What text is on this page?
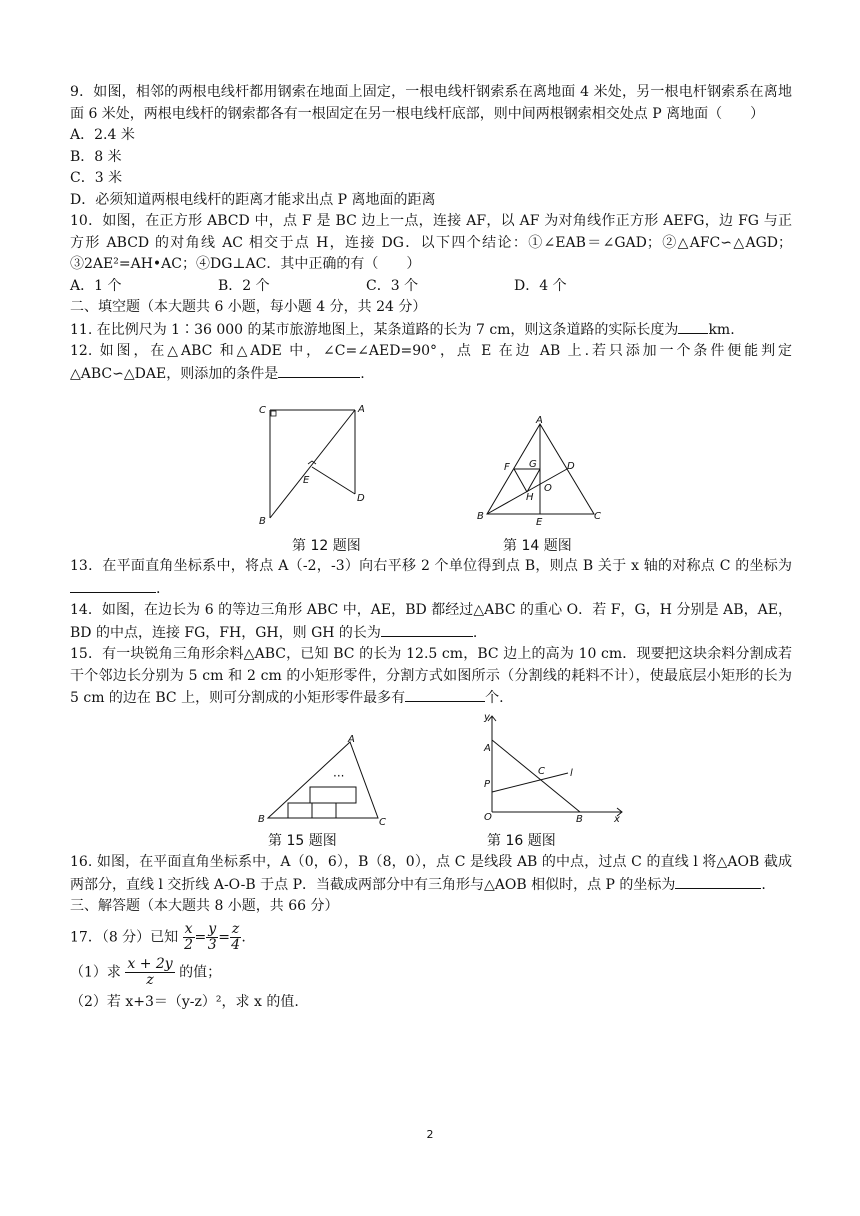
9．如图，相邻的两根电线杆都用钢索在地面上固定，一根电线杆钢索系在离地面 4 米处，另一根电杆钢索系在离地面 6 米处，两根电线杆的钢索都各有一根固定在另一根电线杆底部，则中间两根钢索相交处点 P 离地面（　　）

A．2.4 米

B．8 米

C．3 米

D．必须知道两根电线杆的距离才能求出点 P 离地面的距离

10．如图，在正方形 ABCD 中，点 F 是 BC 边上一点，连接 AF，以 AF 为对角线作正方形 AEFG，边 FG 与正方形 ABCD 的对角线 AC 相交于点 H，连接 DG．以下四个结论：①∠EAB＝∠GAD；②△AFC∽△AGD；③2AE²=AH•AC；④DG⊥AC．其中正确的有（　　）

A．1 个	B．2 个	C．3 个	D．4 个

二、填空题（本大题共 6 小题，每小题 4 分，共 24 分）

11. 在比例尺为 1∶36 000 的某市旅游地图上，某条道路的长为 7 cm，则这条道路的实际长度为 km.

12. 如图，在△ABC 和△ADE 中，∠C=∠AED=90°，点 E 在边 AB 上.若只添加一个条件便能判定△ABC∽△DAE，则添加的条件是	.

C	A
E
D
B
第 12 题图
A
F G	D
H
O
B
E
C
第 14 题图

13．在平面直角坐标系中，将点 A（-2，-3）向右平移 2 个单位得到点 B，则点 B 关于 x 轴的对称点 C 的坐标为.

14．如图，在边长为 6 的等边三角形 ABC 中，AE，BD 都经过△ABC 的重心 O．若 F，G，H 分别是 AB，AE，BD 的中点，连接 FG，FH，GH，则 GH 的长为	.

15．有一块锐角三角形余料△ABC，已知 BC 的长为 12.5 cm，BC 边上的高为 10 cm．现要把这块余料分割成若干个邻边长分别为 5 cm 和 2 cm 的小矩形零件，分割方式如图所示（分割线的耗料不计），使最底层小矩形的长为 5 cm 的边在 BC 上，则可分割成的小矩形零件最多有	个.

···
A
B	C
第 15 题图
y
A
C	l
P
O	B	x
第 16 题图

16. 如图，在平面直角坐标系中，A（0，6），B（8，0），点 C 是线段 AB 的中点，过点 C 的直线 l 将△AOB 截成两部分，直线 l 交折线 A-O-B 于点 P．当截成两部分中有三角形与△AOB 相似时，点 P 的坐标为	.

三、解答题（本大题共 8 小题，共 66 分）

17．（8 分）已知 $\frac{x}{2} = \frac{y}{3} = \frac{z}{4}$ .

（1）求 $\frac{x + 2y}{z}$ 的值；

（2）若 x+3＝（y-z）²，求 x 的值.

2
